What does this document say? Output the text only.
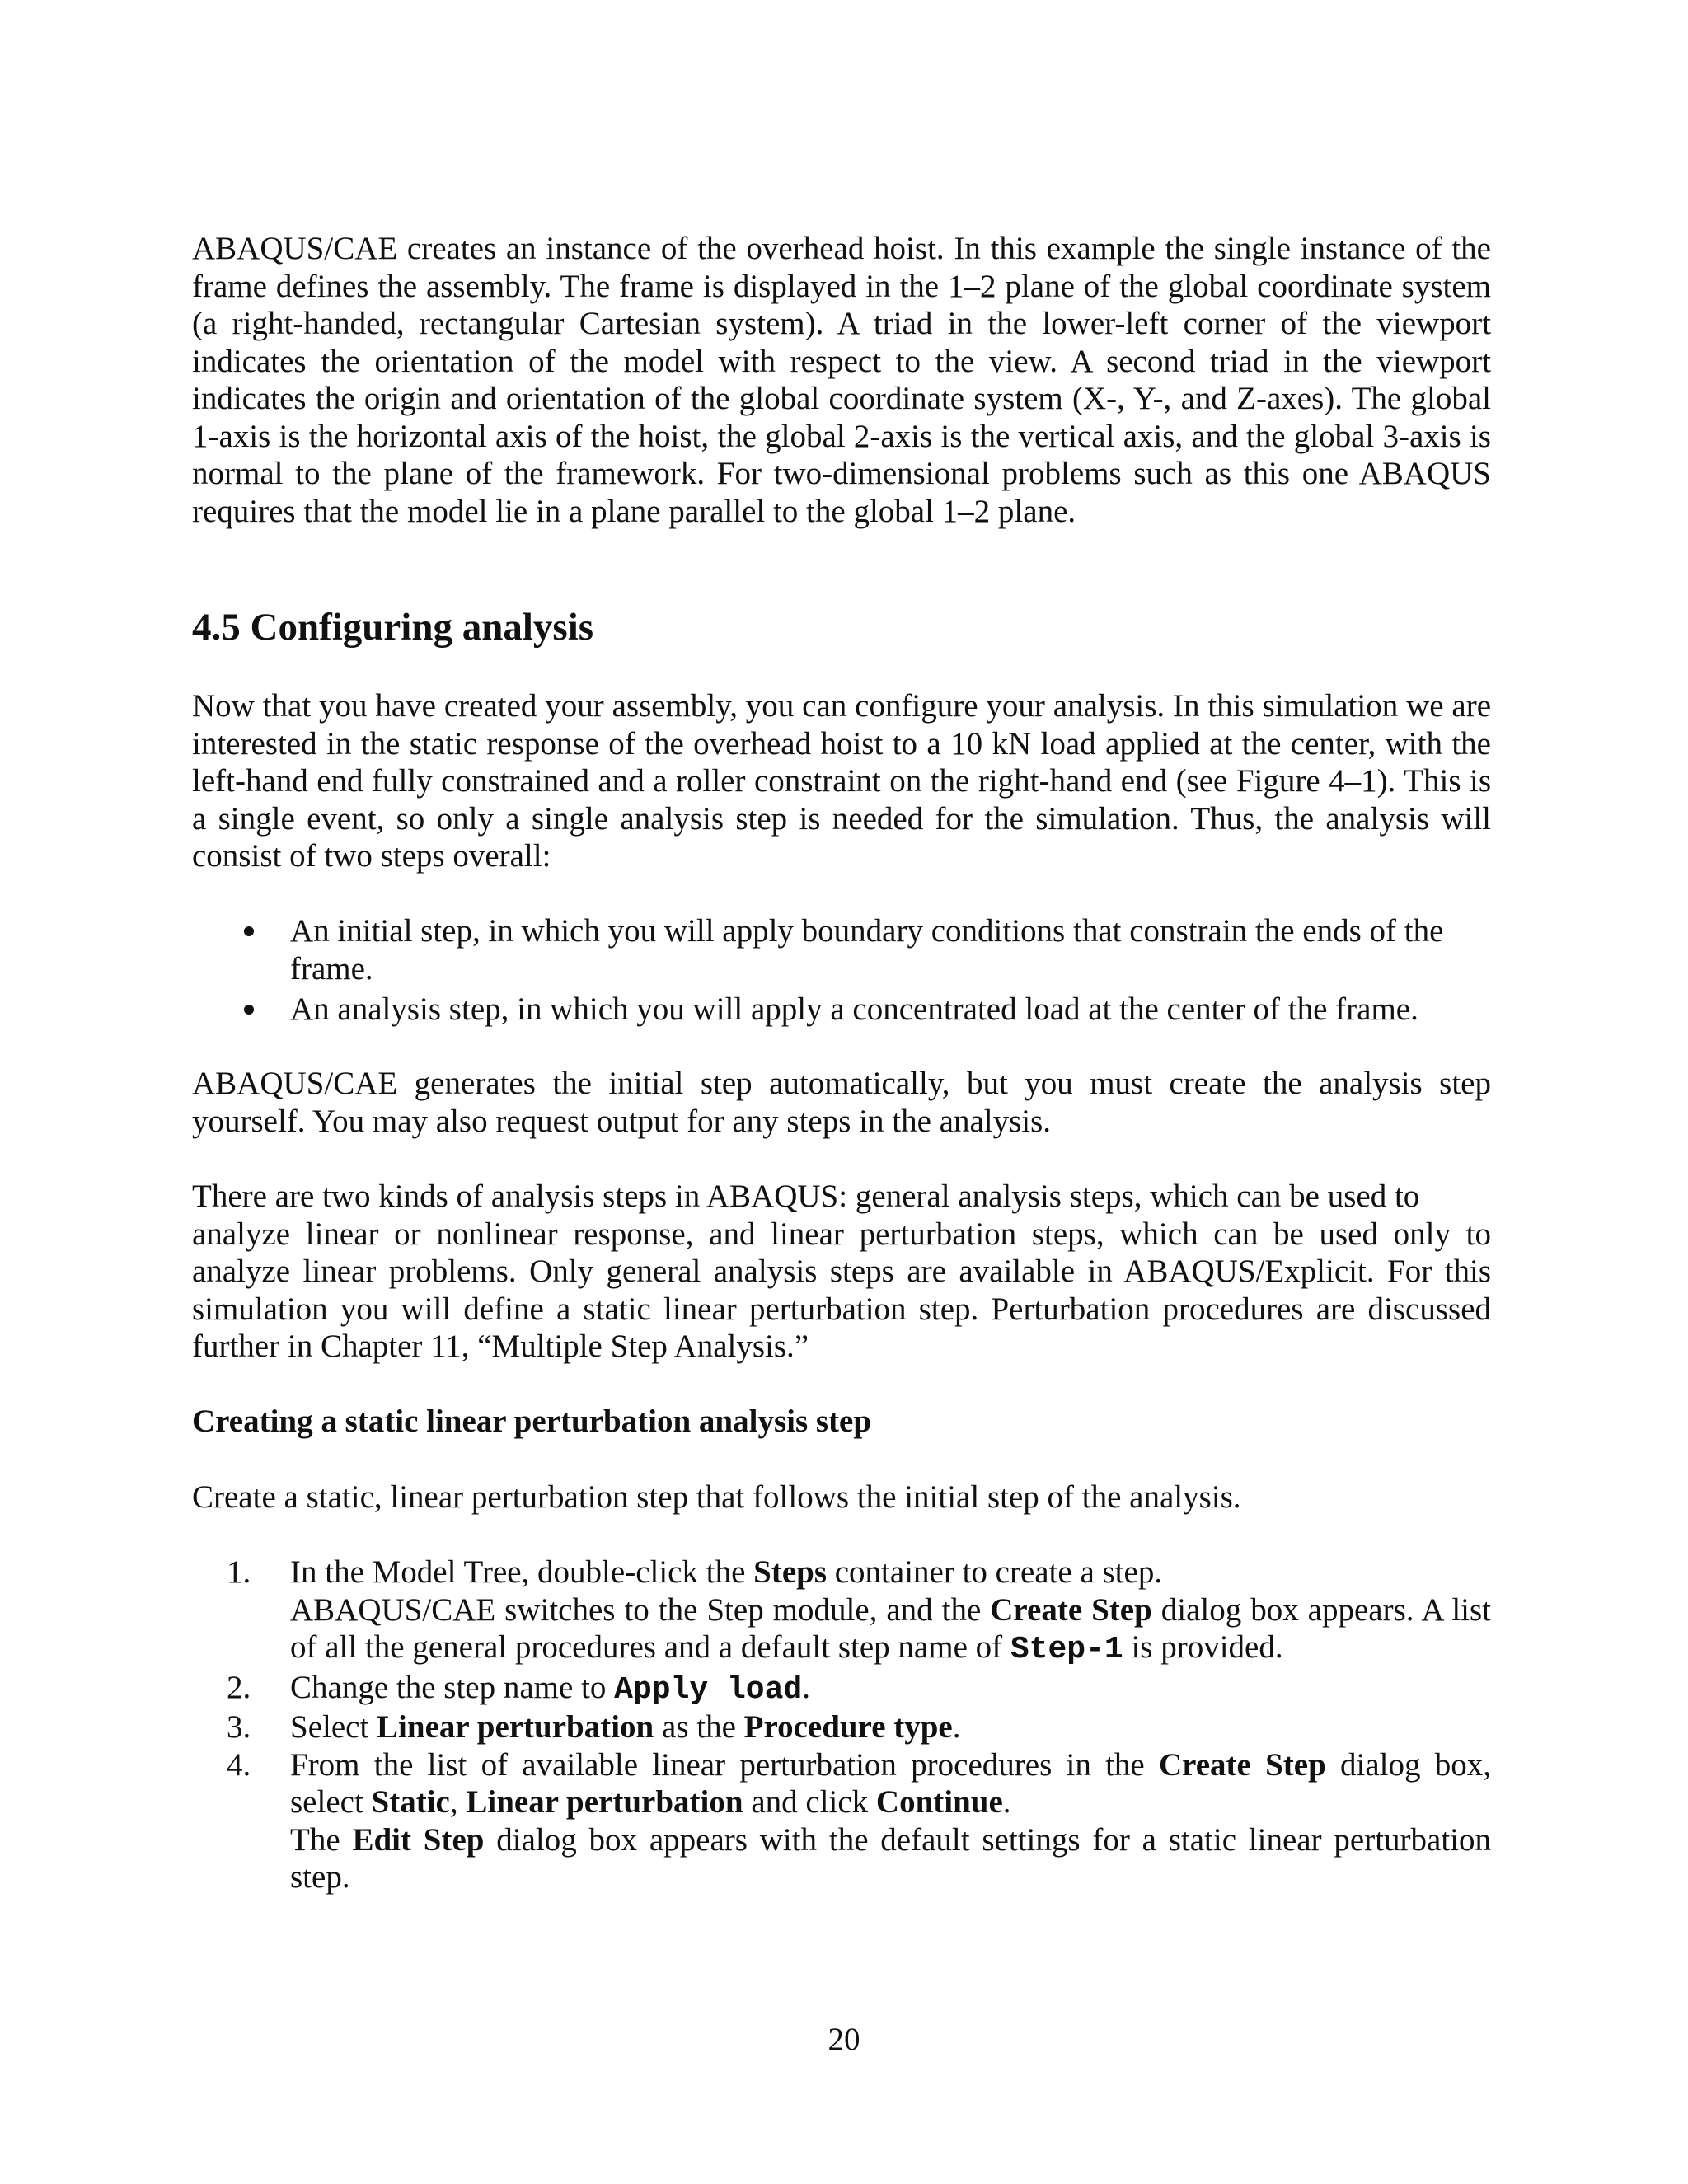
ABAQUS/CAE creates an instance of the overhead hoist. In this example the single instance of the frame defines the assembly. The frame is displayed in the 1–2 plane of the global coordinate system (a right-handed, rectangular Cartesian system). A triad in the lower-left corner of the viewport indicates the orientation of the model with respect to the view. A second triad in the viewport indicates the origin and orientation of the global coordinate system (X-, Y-, and Z-axes). The global 1-axis is the horizontal axis of the hoist, the global 2-axis is the vertical axis, and the global 3-axis is normal to the plane of the framework. For two-dimensional problems such as this one ABAQUS requires that the model lie in a plane parallel to the global 1–2 plane.

4.5 Configuring analysis

Now that you have created your assembly, you can configure your analysis. In this simulation we are interested in the static response of the overhead hoist to a 10 kN load applied at the center, with the left-hand end fully constrained and a roller constraint on the right-hand end (see Figure 4–1). This is a single event, so only a single analysis step is needed for the simulation. Thus, the analysis will consist of two steps overall:

An initial step, in which you will apply boundary conditions that constrain the ends of the frame.
An analysis step, in which you will apply a concentrated load at the center of the frame.

ABAQUS/CAE generates the initial step automatically, but you must create the analysis step yourself. You may also request output for any steps in the analysis.

There are two kinds of analysis steps in ABAQUS: general analysis steps, which can be used to

analyze linear or nonlinear response, and linear perturbation steps, which can be used only to analyze linear problems. Only general analysis steps are available in ABAQUS/Explicit. For this simulation you will define a static linear perturbation step. Perturbation procedures are discussed further in Chapter 11, “Multiple Step Analysis.”

Creating a static linear perturbation analysis step

Create a static, linear perturbation step that follows the initial step of the analysis.

1. In the Model Tree, double-click the Steps container to create a step.

ABAQUS/CAE switches to the Step module, and the Create Step dialog box appears. A list of all the general procedures and a default step name of Step-1 is provided.

2. Change the step name to Apply load.

3. Select Linear perturbation as the Procedure type.

4. From the list of available linear perturbation procedures in the Create Step dialog box, select Static, Linear perturbation and click Continue.

The Edit Step dialog box appears with the default settings for a static linear perturbation step.

20
